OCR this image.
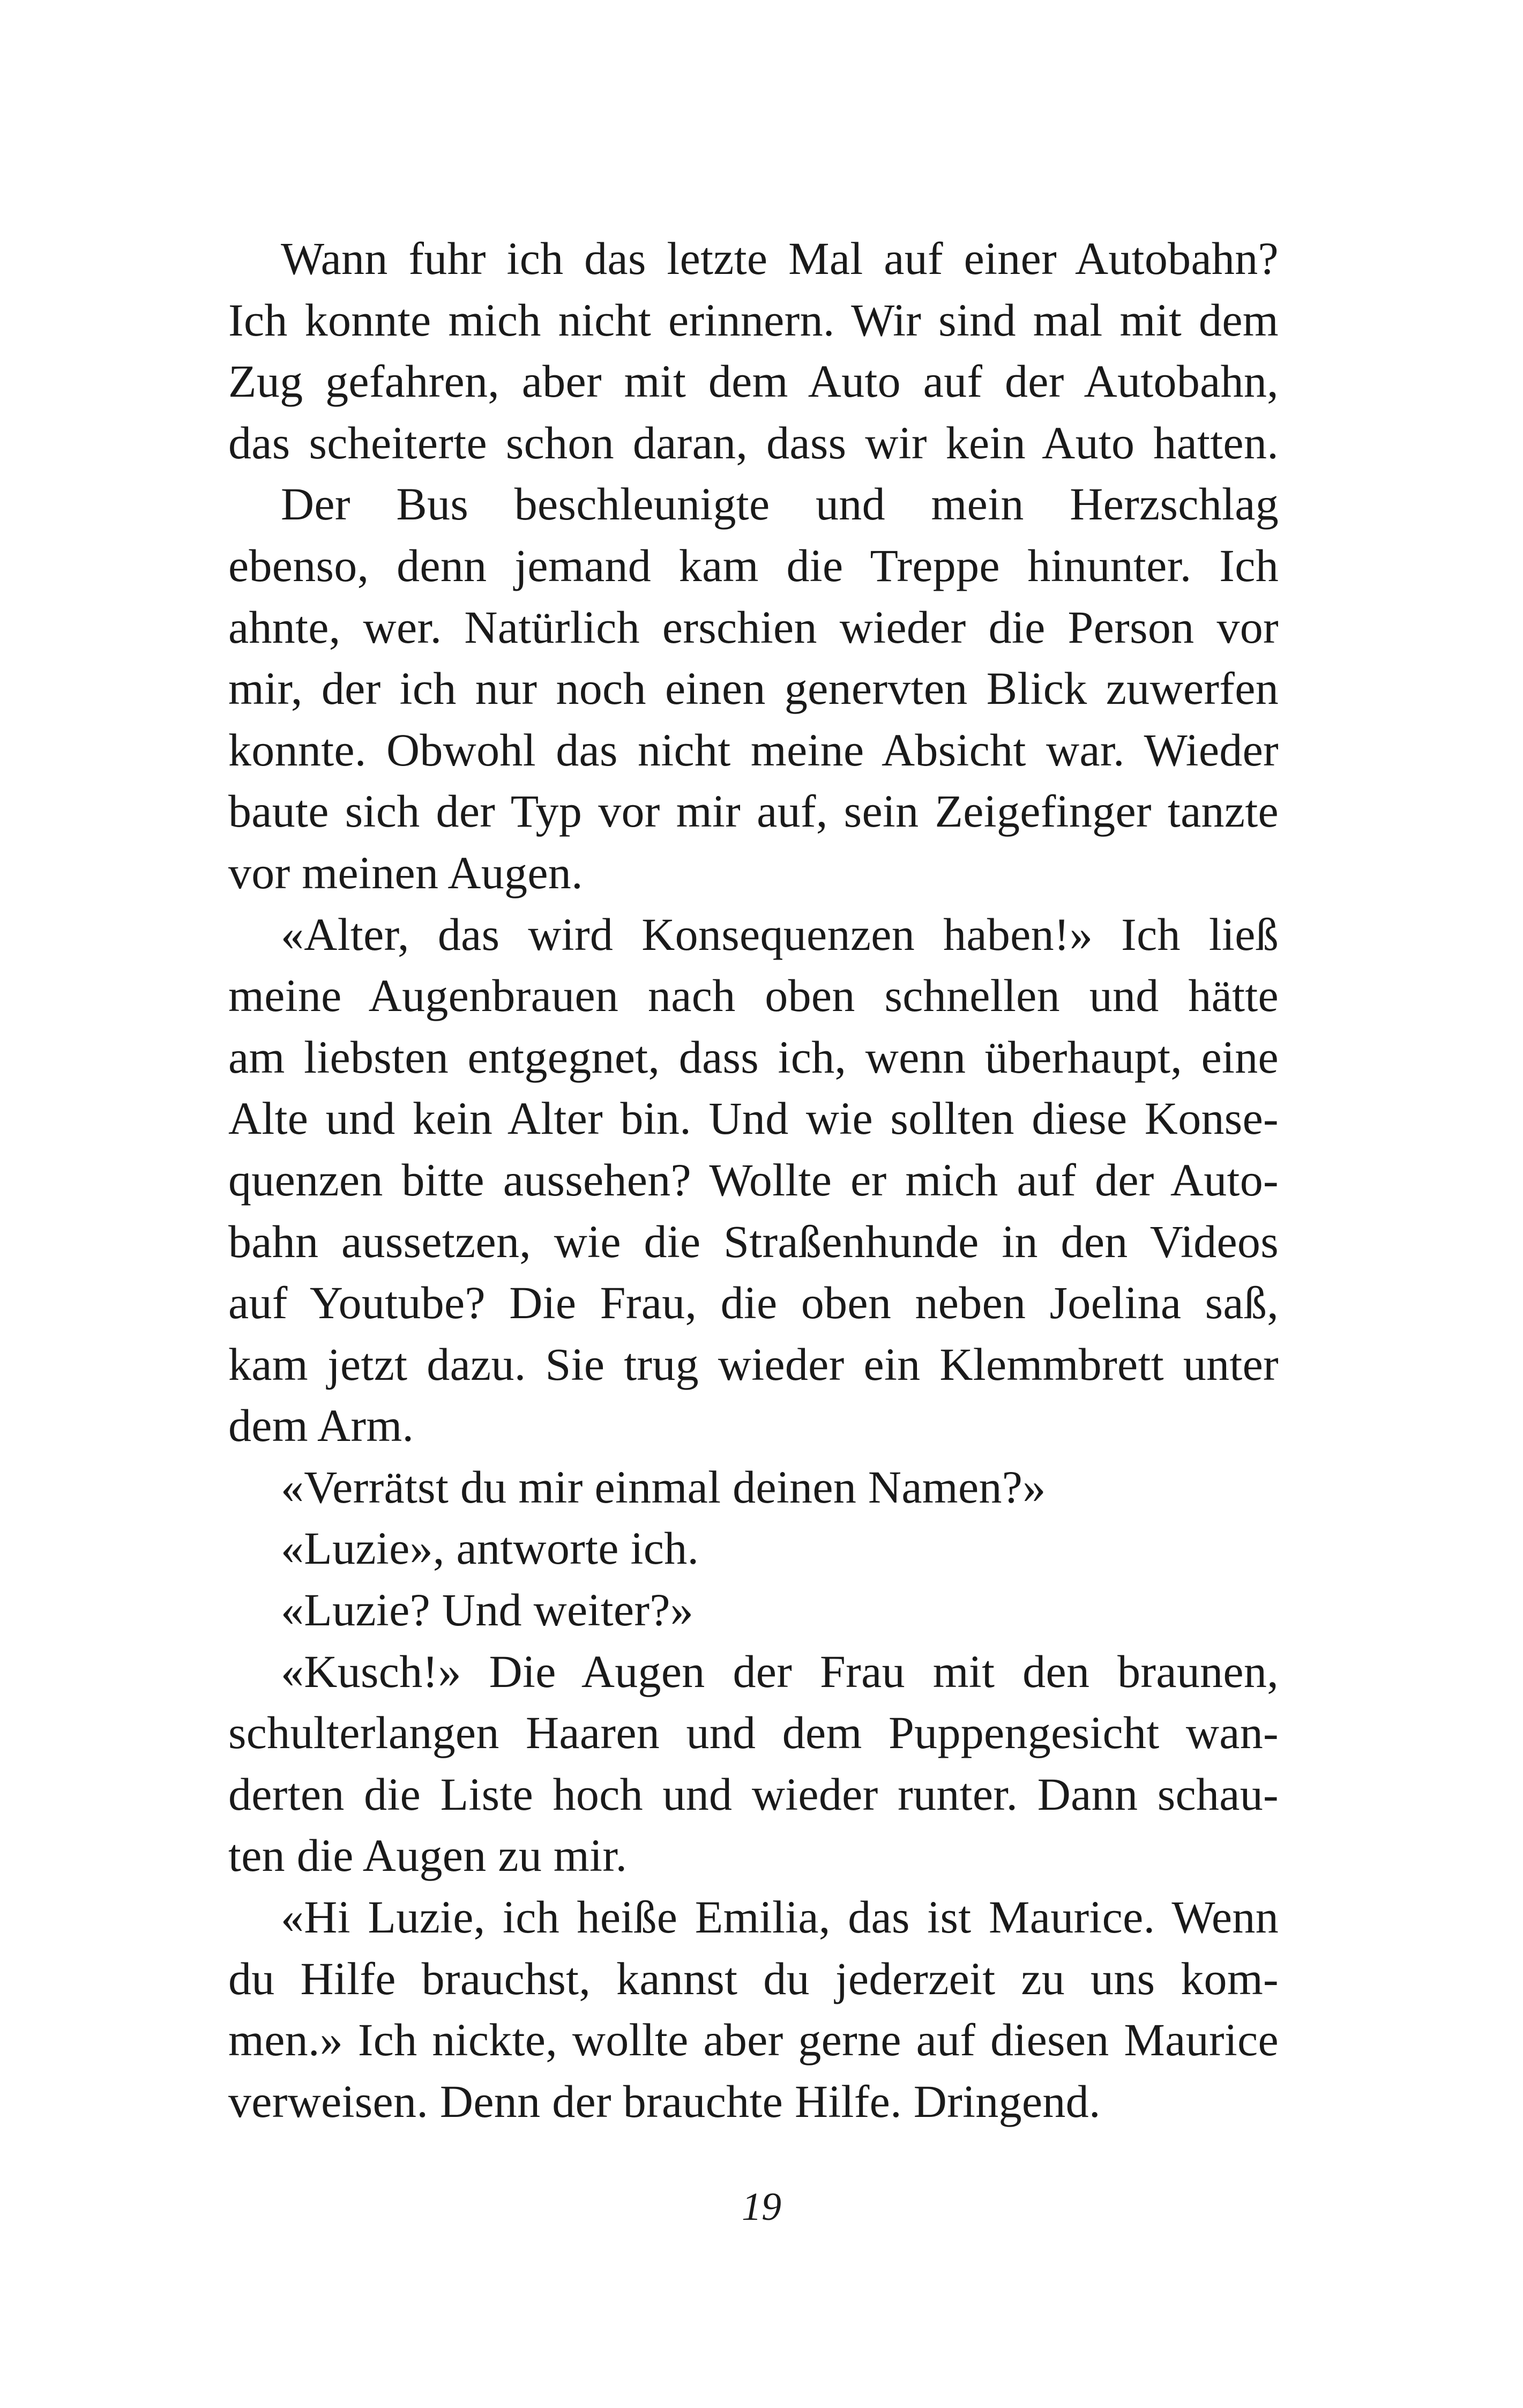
Wann fuhr ich das letzte Mal auf einer Autobahn?
Ich konnte mich nicht erinnern. Wir sind mal mit dem
Zug gefahren, aber mit dem Auto auf der Autobahn,
das scheiterte schon daran, dass wir kein Auto hatten.
Der Bus beschleunigte und mein Herzschlag
ebenso, denn jemand kam die Treppe hinunter. Ich
ahnte, wer. Natürlich erschien wieder die Person vor
mir, der ich nur noch einen genervten Blick zuwerfen
konnte. Obwohl das nicht meine Absicht war. Wieder
baute sich der Typ vor mir auf, sein Zeigefinger tanzte
vor meinen Augen.
«Alter, das wird Konsequenzen haben!» Ich ließ
meine Augenbrauen nach oben schnellen und hätte
am liebsten entgegnet, dass ich, wenn überhaupt, eine
Alte und kein Alter bin. Und wie sollten diese Konse-
quenzen bitte aussehen? Wollte er mich auf der Auto-
bahn aussetzen, wie die Straßenhunde in den Videos
auf Youtube? Die Frau, die oben neben Joelina saß,
kam jetzt dazu. Sie trug wieder ein Klemmbrett unter
dem Arm.
«Verrätst du mir einmal deinen Namen?»
«Luzie», antworte ich.
«Luzie? Und weiter?»
«Kusch!» Die Augen der Frau mit den braunen,
schulterlangen Haaren und dem Puppengesicht wan-
derten die Liste hoch und wieder runter. Dann schau-
ten die Augen zu mir.
«Hi Luzie, ich heiße Emilia, das ist Maurice. Wenn
du Hilfe brauchst, kannst du jederzeit zu uns kom-
men.» Ich nickte, wollte aber gerne auf diesen Maurice
verweisen. Denn der brauchte Hilfe. Dringend.
19
